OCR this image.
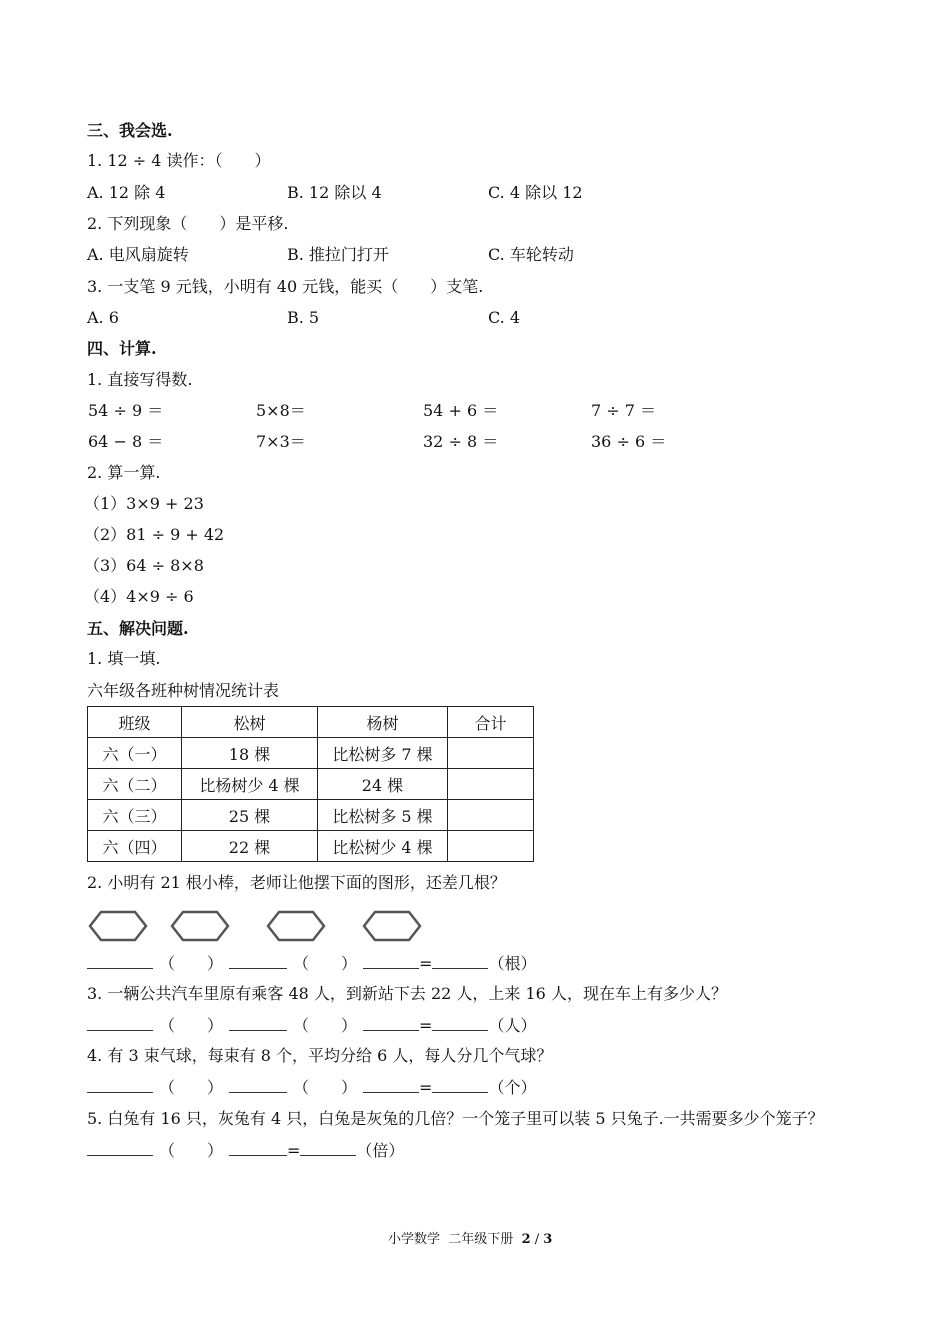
三、我会选.
1. 12 ÷ 4 读作：（　　）
A. 12 除 4	B. 12 除以 4	C. 4 除以 12
2. 下列现象（　　）是平移.
A. 电风扇旋转	B. 推拉门打开	C. 车轮转动
3. 一支笔 9 元钱，小明有 40 元钱，能买（　　）支笔.
A. 6	B. 5	C. 4
四、计算.
1. 直接写得数.
54 ÷ 9 ＝	5×8＝	54 + 6 ＝	7 ÷ 7 ＝
64 − 8 ＝	7×3＝	32 ÷ 8 ＝	36 ÷ 6 ＝
2. 算一算.
（1）3×9 + 23
（2）81 ÷ 9 + 42
（3）64 ÷ 8×8
（4）4×9 ÷ 6
五、解决问题.
1. 填一填.
六年级各班种树情况统计表
班级	松树	杨树	合计
六（一）	18 棵	比松树多 7 棵	
六（二）	比杨树少 4 棵	24 棵	
六（三）	25 棵	比松树多 5 棵	
六（四）	22 棵	比松树少 4 棵	
2. 小明有 21 根小棒，老师让他摆下面的图形，还差几根？
（　　）	（　　）	=	（根）
3. 一辆公共汽车里原有乘客 48 人，到新站下去 22 人，上来 16 人，现在车上有多少人？
（　　）	（　　）	=	（人）
4. 有 3 束气球，每束有 8 个，平均分给 6 人，每人分几个气球？
（　　）	（　　）	=	（个）
5. 白兔有 16 只，灰兔有 4 只，白兔是灰兔的几倍？一个笼子里可以装 5 只兔子.一共需要多少个笼子？
（　　）	=	（倍）
小学数学 二年级下册 2 / 3
